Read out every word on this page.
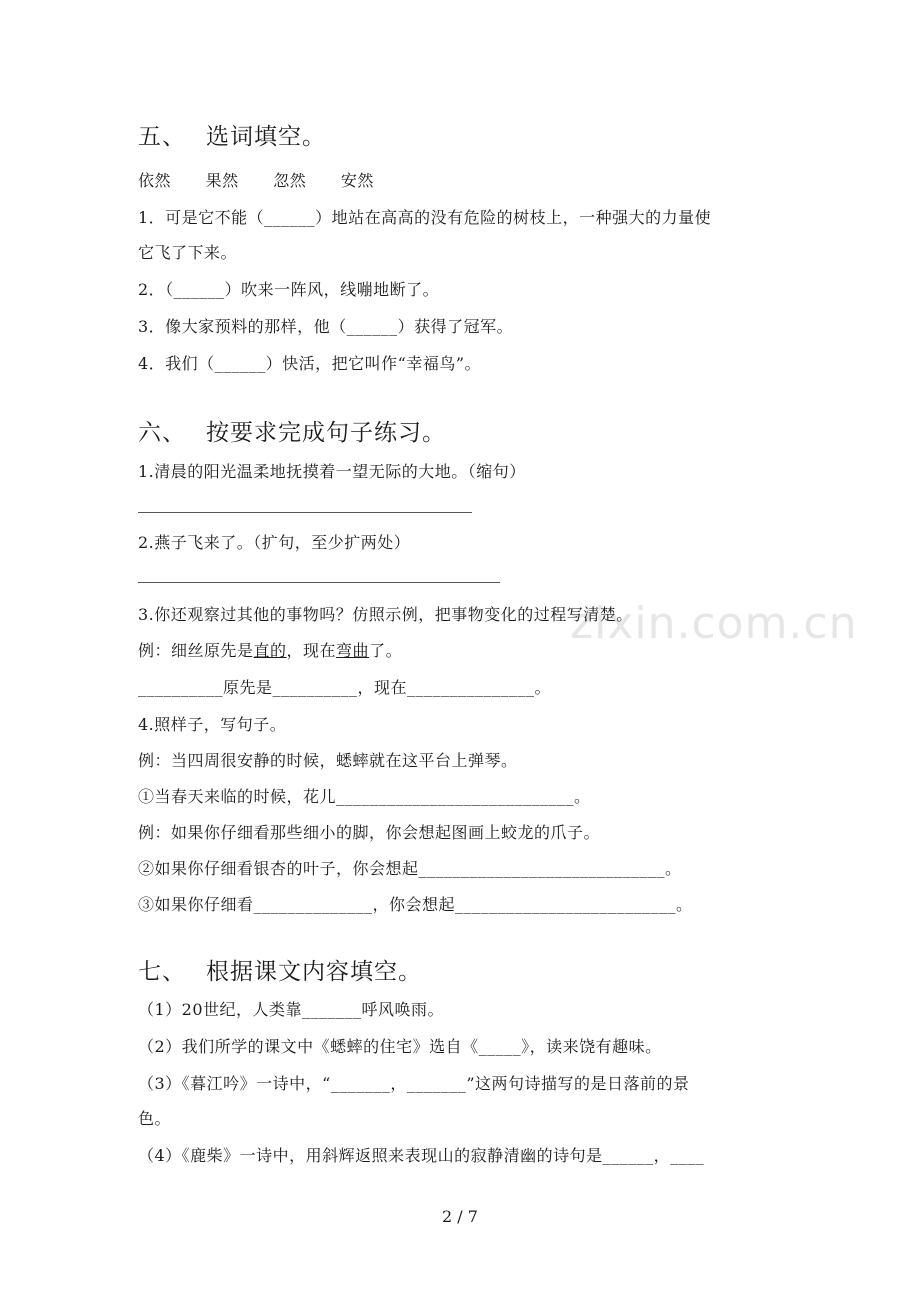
zixin.com.cn
五、 选词填空。
依然 果然 忽然 安然
1．可是它不能（______）地站在高高的没有危险的树枝上，一种强大的力量使
它飞了下来。
2．（______）吹来一阵风，线嘣地断了。
3．像大家预料的那样，他（______）获得了冠军。
4．我们（______）快活，把它叫作“幸福鸟”。
六、 按要求完成句子练习。
1.清晨的阳光温柔地抚摸着一望无际的大地。（缩句）
2.燕子飞来了。（扩句，至少扩两处）
3.你还观察过其他的事物吗？仿照示例，把事物变化的过程写清楚。
例：细丝原先是直的，现在弯曲了。
__________原先是__________，现在_______________。
4.照样子，写句子。
例：当四周很安静的时候，蟋蟀就在这平台上弹琴。
①当春天来临的时候，花儿____________________________。
例：如果你仔细看那些细小的脚，你会想起图画上蛟龙的爪子。
②如果你仔细看银杏的叶子，你会想起_____________________________。
③如果你仔细看______________，你会想起__________________________。
七、 根据课文内容填空。
（1）20世纪，人类靠_______呼风唤雨。
（2）我们所学的课文中《蟋蟀的住宅》选自《_____》，读来饶有趣味。
（3）《暮江吟》一诗中，“_______，_______”这两句诗描写的是日落前的景
色。
（4）《鹿柴》一诗中，用斜辉返照来表现山的寂静清幽的诗句是______，____
2 / 7
